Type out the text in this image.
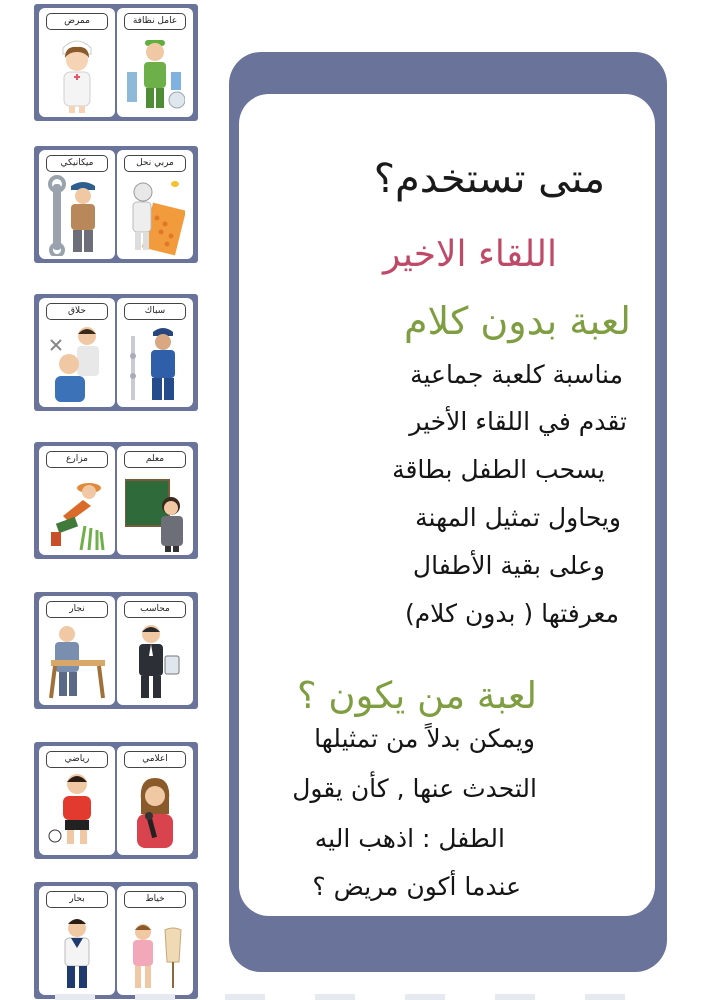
ممرض	عامل نظافة
ميكانيكي	مربي نحل
حلاق	سباك
مزارع	معلم
نجار	محاسب
رياضي	اعلامي
بحار	خياط
متى تستخدم؟
اللقاء الاخير
لعبة بدون كلام
مناسبة كلعبة جماعية
تقدم في اللقاء الأخير
يسحب الطفل بطاقة
ويحاول تمثيل المهنة
وعلى بقية الأطفال
معرفتها ( بدون كلام)
لعبة من يكون ؟
ويمكن بدلاً من تمثيلها
التحدث عنها , كأن يقول
الطفل : اذهب اليه
عندما أكون مريض ؟
